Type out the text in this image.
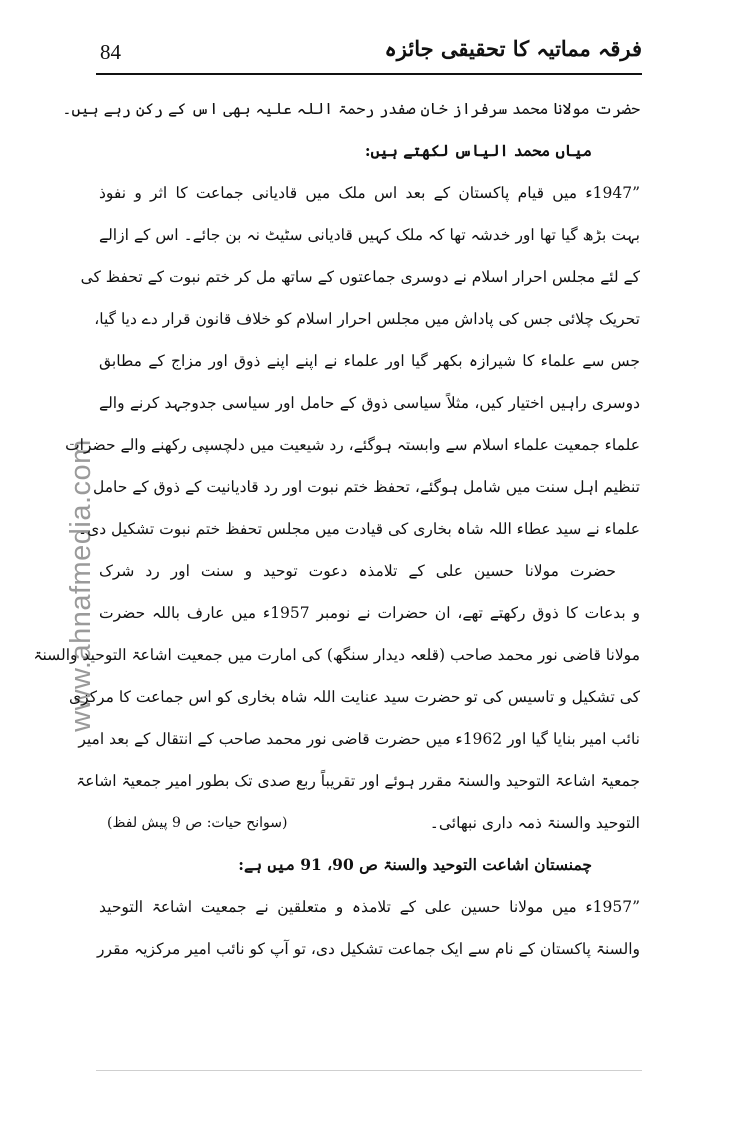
84	فرقہ مماتیہ کا تحقیقی جائزہ
www.ahnafmedia.com
حضرت مولانا محمد سرفراز خان صفدر رحمۃ اللہ علیہ بھی اس کے رکن رہے ہیں۔
میاں محمد الیاس لکھتے ہیں:
”1947ء میں قیام پاکستان کے بعد اس ملک میں قادیانی جماعت کا اثر و نفوذ
بہت بڑھ گیا تھا اور خدشہ تھا کہ ملک کہیں قادیانی سٹیٹ نہ بن جائے۔ اس کے ازالے
کے لئے مجلس احرار اسلام نے دوسری جماعتوں کے ساتھ مل کر ختم نبوت کے تحفظ کی
تحریک چلائی جس کی پاداش میں مجلس احرار اسلام کو خلاف قانون قرار دے دیا گیا،
جس سے علماء کا شیرازہ بکھر گیا اور علماء نے اپنے اپنے ذوق اور مزاج کے مطابق
دوسری راہیں اختیار کیں، مثلاً سیاسی ذوق کے حامل اور سیاسی جدوجہد کرنے والے
علماء جمعیت علماء اسلام سے وابستہ ہوگئے، رد شیعیت میں دلچسپی رکھنے والے حضرات
تنظیم اہل سنت میں شامل ہوگئے، تحفظ ختم نبوت اور رد قادیانیت کے ذوق کے حامل
علماء نے سید عطاء اللہ شاہ بخاری کی قیادت میں مجلس تحفظ ختم نبوت تشکیل دی۔
حضرت مولانا حسین علی کے تلامذہ دعوت توحید و سنت اور رد شرک
و بدعات کا ذوق رکھتے تھے، ان حضرات نے نومبر 1957ء میں عارف باللہ حضرت
مولانا قاضی نور محمد صاحب (قلعہ دیدار سنگھ) کی امارت میں جمعیت اشاعۃ التوحید والسنۃ
کی تشکیل و تاسیس کی تو حضرت سید عنایت اللہ شاہ بخاری کو اس جماعت کا مرکزی
نائب امیر بنایا گیا اور 1962ء میں حضرت قاضی نور محمد صاحب کے انتقال کے بعد امیر
جمعیۃ اشاعۃ التوحید والسنۃ مقرر ہوئے اور تقریباً ربع صدی تک بطور امیر جمعیۃ اشاعۃ
التوحید والسنۃ ذمہ داری نبھائی۔
(سوانح حیات: ص 9 پیش لفظ)
چمنستان اشاعت التوحید والسنۃ ص 90، 91 میں ہے:
”1957ء میں مولانا حسین علی کے تلامذہ و متعلقین نے جمعیت اشاعۃ التوحید
والسنۃ پاکستان کے نام سے ایک جماعت تشکیل دی، تو آپ کو نائب امیر مرکزیہ مقرر
